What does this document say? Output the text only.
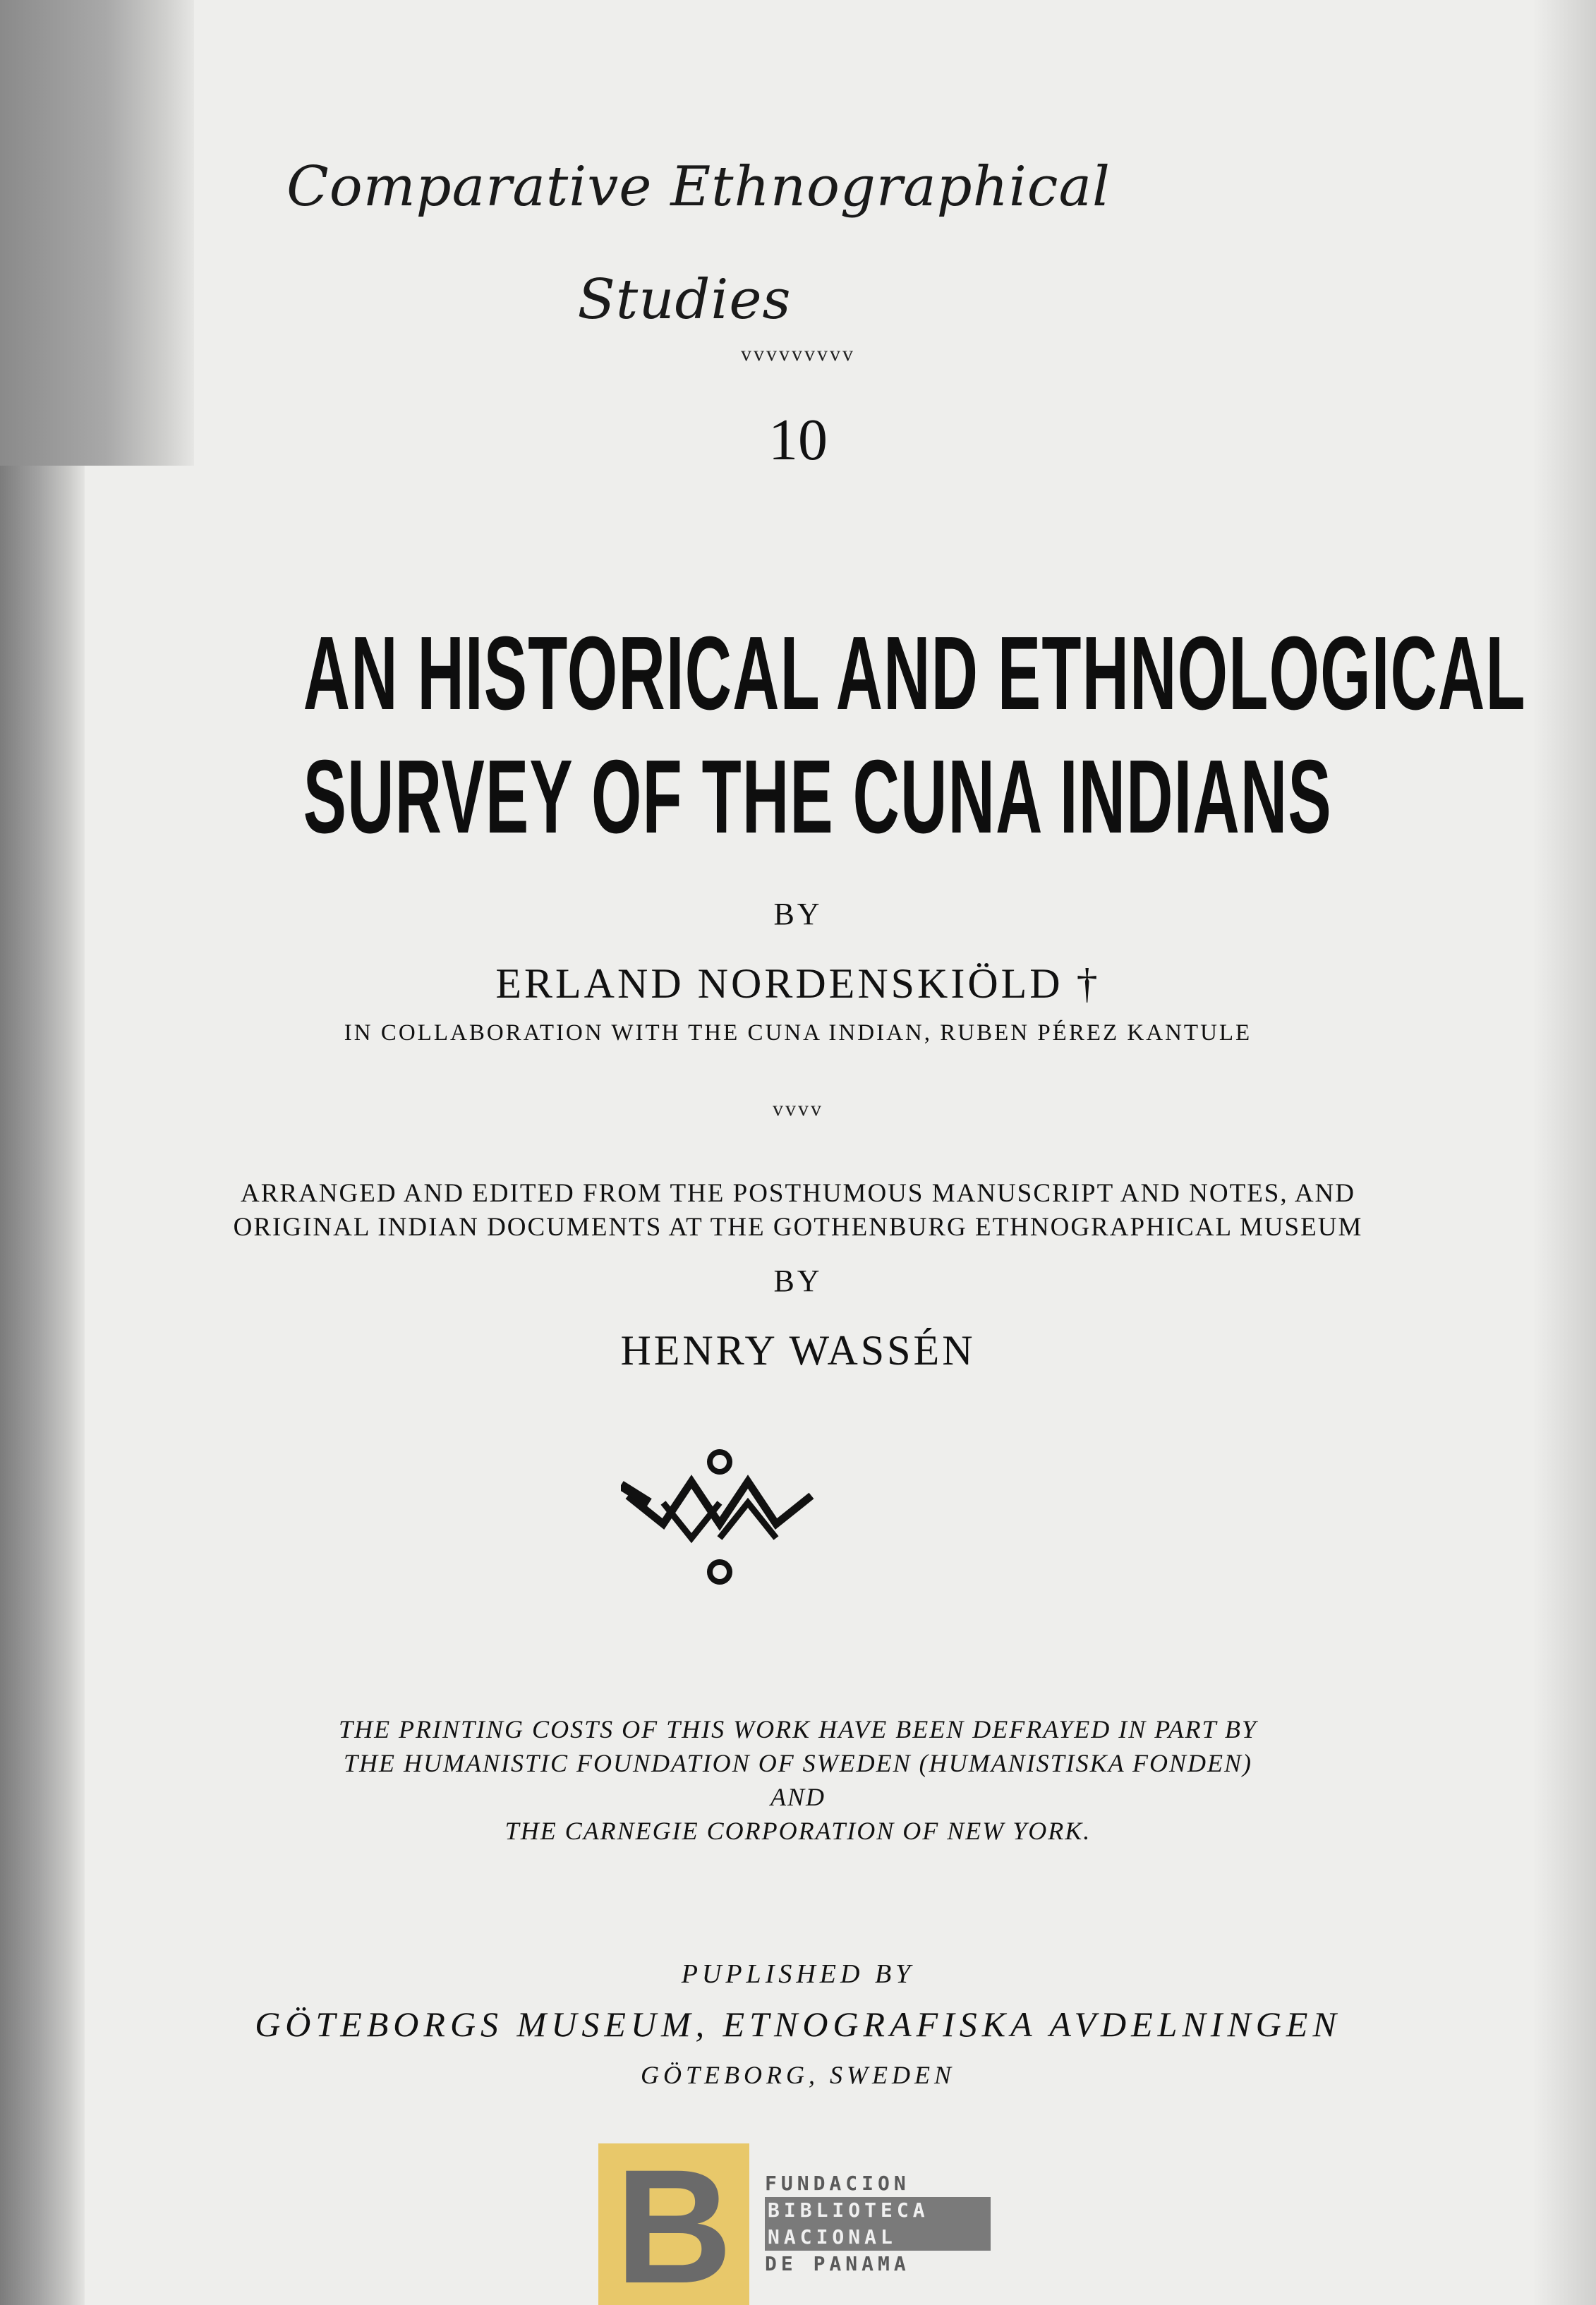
Comparative Ethnographical
Studies
vvvvvvvvv
10
AN HISTORICAL AND ETHNOLOGICAL
SURVEY OF THE CUNA INDIANS
BY
ERLAND NORDENSKIÖLD †
IN COLLABORATION WITH THE CUNA INDIAN, RUBEN PÉREZ KANTULE
vvvv
ARRANGED AND EDITED FROM THE POSTHUMOUS MANUSCRIPT AND NOTES, AND
ORIGINAL INDIAN DOCUMENTS AT THE GOTHENBURG ETHNOGRAPHICAL MUSEUM
BY
HENRY WASSÉN
THE PRINTING COSTS OF THIS WORK HAVE BEEN DEFRAYED IN PART BY
THE HUMANISTIC FOUNDATION OF SWEDEN (HUMANISTISKA FONDEN)
AND
THE CARNEGIE CORPORATION OF NEW YORK.
PUPLISHED BY
GÖTEBORGS MUSEUM, ETNOGRAFISKA AVDELNINGEN
GÖTEBORG, SWEDEN
B FUNDACION
BIBLIOTECA
NACIONAL
DE PANAMA
